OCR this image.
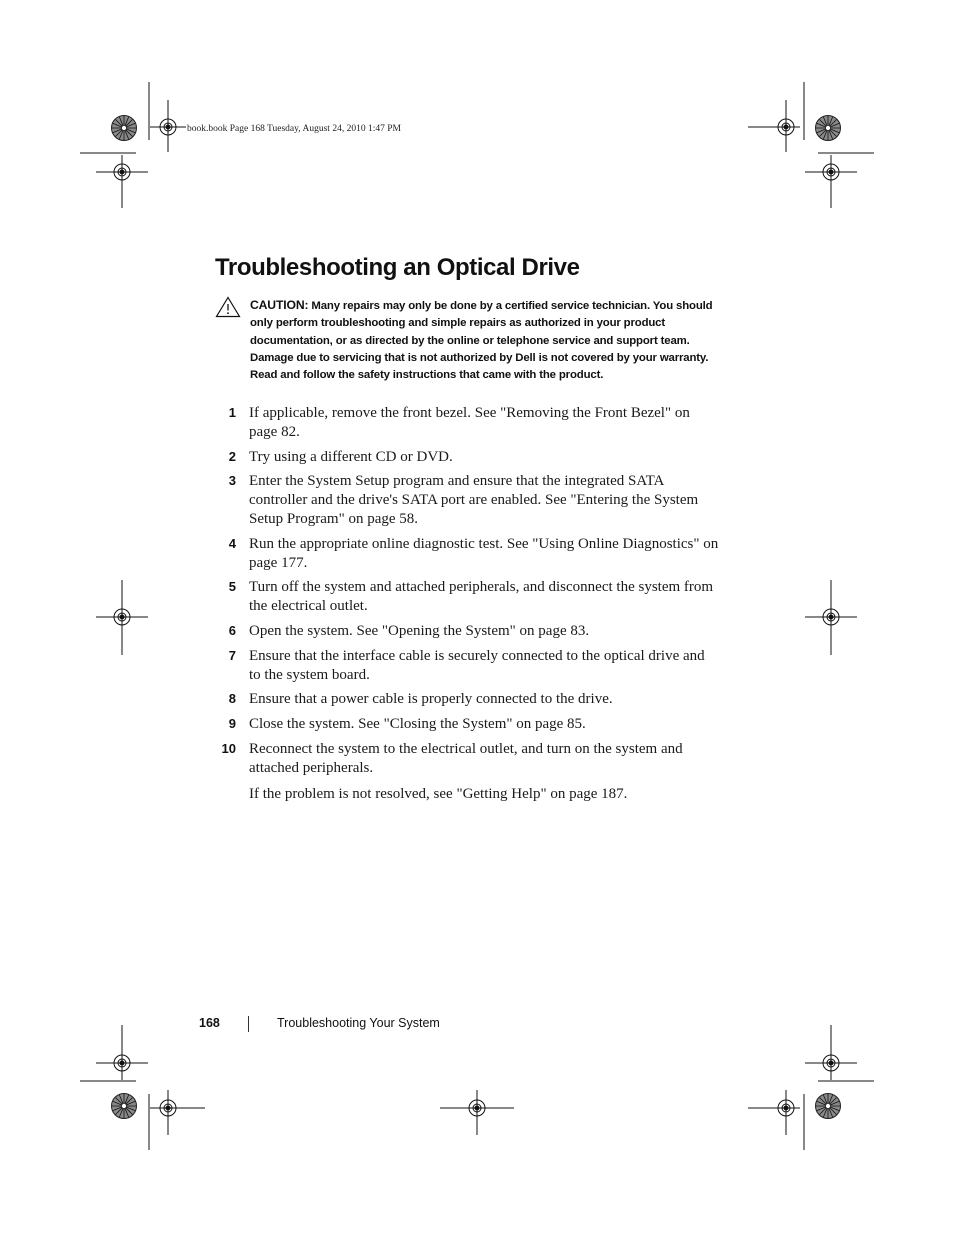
book.book Page 168 Tuesday, August 24, 2010 1:47 PM
Troubleshooting an Optical Drive
CAUTION: Many repairs may only be done by a certified service technician. You should only perform troubleshooting and simple repairs as authorized in your product documentation, or as directed by the online or telephone service and support team. Damage due to servicing that is not authorized by Dell is not covered by your warranty. Read and follow the safety instructions that came with the product.
1 If applicable, remove the front bezel. See "Removing the Front Bezel" on page 82.
2 Try using a different CD or DVD.
3 Enter the System Setup program and ensure that the integrated SATA controller and the drive's SATA port are enabled. See "Entering the System Setup Program" on page 58.
4 Run the appropriate online diagnostic test. See "Using Online Diagnostics" on page 177.
5 Turn off the system and attached peripherals, and disconnect the system from the electrical outlet.
6 Open the system. See "Opening the System" on page 83.
7 Ensure that the interface cable is securely connected to the optical drive and to the system board.
8 Ensure that a power cable is properly connected to the drive.
9 Close the system. See "Closing the System" on page 85.
10 Reconnect the system to the electrical outlet, and turn on the system and attached peripherals.
If the problem is not resolved, see "Getting Help" on page 187.
168	Troubleshooting Your System
